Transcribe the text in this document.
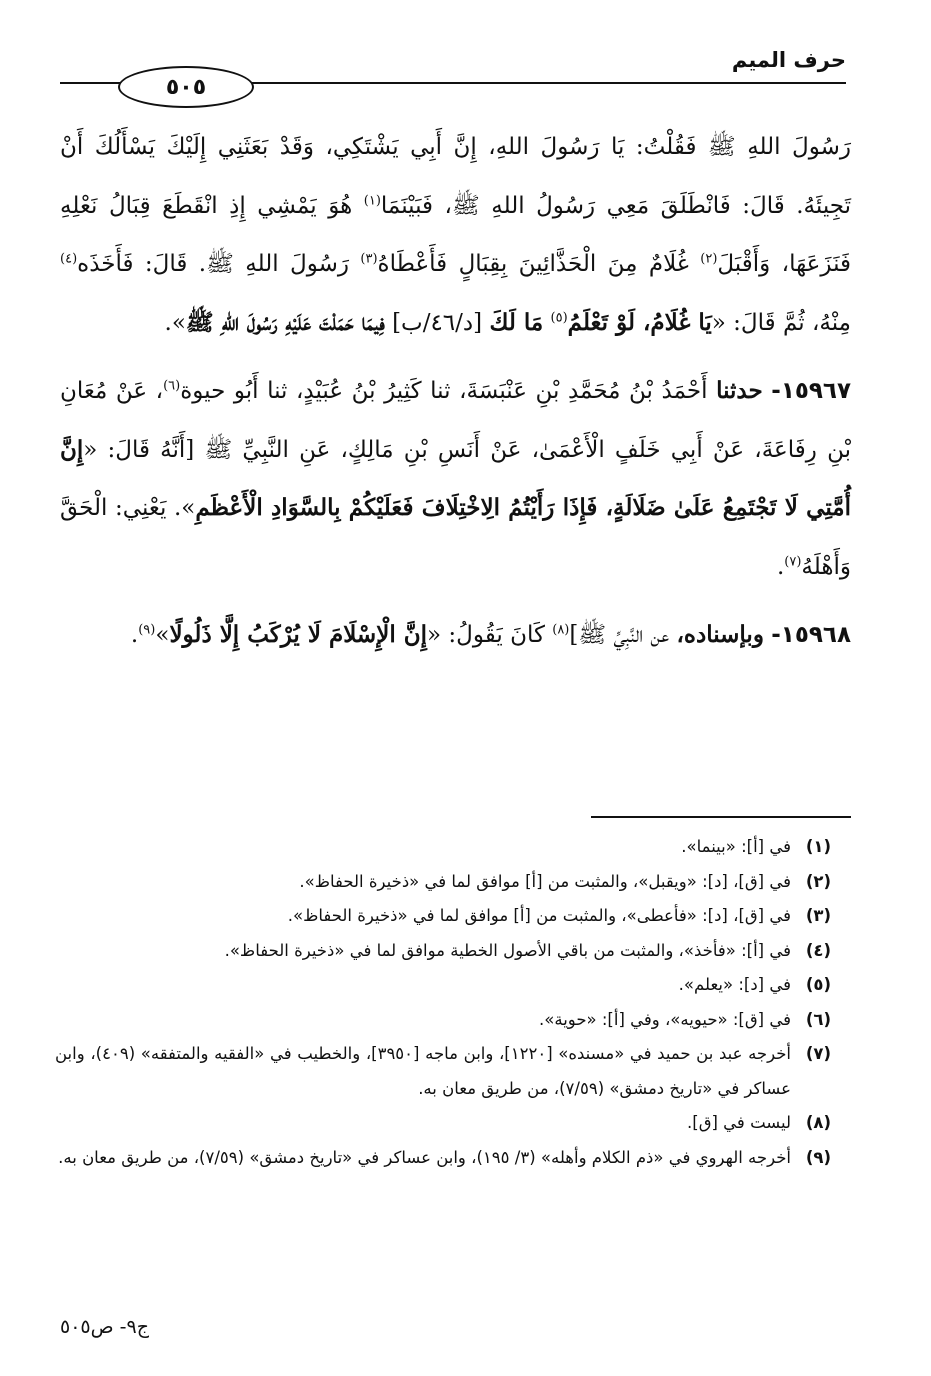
حرف الميم
٥٠٥

رَسُولَ اللهِ ﷺ فَقُلْتُ: يَا رَسُولَ اللهِ، إِنَّ أَبِي يَشْتَكِي، وَقَدْ بَعَثَنِي إِلَيْكَ يَسْأَلُكَ أَنْ تَجِيئَهُ. قَالَ: فَانْطَلَقَ مَعِي رَسُولُ اللهِ ﷺ، فَبَيْنَمَا$^{(١)}$ هُوَ يَمْشِي إِذِ انْقَطَعَ قِبَالُ نَعْلِهِ فَنَزَعَهَا، وَأَقْبَلَ$^{(٢)}$ غُلَامٌ مِنَ الْحَذَّائِينَ بِقِبَالٍ فَأَعْطَاهُ$^{(٣)}$ رَسُولَ اللهِ ﷺ. قَالَ: فَأَخَذَه$^{(٤)}$ مِنْهُ، ثُمَّ قَالَ: «يَا غُلَامُ، لَوْ تَعْلَمُ$^{(٥)}$ مَا لَكَ [د/٤٦/ب] فِيمَا حَمَلْتَ عَلَيْهِ رَسُولَ اللهِ ﷺ».

١٥٩٦٧- حدثنا أَحْمَدُ بْنُ مُحَمَّدِ بْنِ عَنْبَسَةَ، ثنا كَثِيرُ بْنُ عُبَيْدٍ، ثنا أَبُو حيوة$^{(٦)}$، عَنْ مُعَانِ بْنِ رِفَاعَةَ، عَنْ أَبِي خَلَفٍ الْأَعْمَىٰ، عَنْ أَنَسِ بْنِ مَالِكٍ، عَنِ النَّبِيِّ ﷺ [أَنَّهُ قَالَ: «إِنَّ أُمَّتِي لَا تَجْتَمِعُ عَلَىٰ ضَلَالَةٍ، فَإِذَا رَأَيْتُمُ الِاخْتِلَافَ فَعَلَيْكُمْ بِالسَّوَادِ الْأَعْظَمِ». يَعْنِي: الْحَقَّ وَأَهْلَهُ$^{(٧)}$.

١٥٩٦٨- وبإسناده، عن النَّبِيِّ ﷺ]$^{(٨)}$ كَانَ يَقُولُ: «إِنَّ الْإِسْلَامَ لَا يُرْكَبُ إِلَّا ذَلُولًا»$^{(٩)}$.

(١)
في [أ]: «بينما».

(٢)
في [ق]، [د]: «ويقبل»، والمثبت من [أ] موافق لما في «ذخيرة الحفاظ».

(٣)
في [ق]، [د]: «فأعطى»، والمثبت من [أ] موافق لما في «ذخيرة الحفاظ».

(٤)
في [أ]: «فأخذ»، والمثبت من باقي الأصول الخطية موافق لما في «ذخيرة الحفاظ».

(٥)
في [د]: «يعلم».

(٦)
في [ق]: «حيويه»، وفي [أ]: «حوية».

(٧)
أخرجه عبد بن حميد في «مسنده» [١٢٢٠]، وابن ماجه [٣٩٥٠]، والخطيب في «الفقيه والمتفقه» (٤٠٩)، وابن عساكر في «تاريخ دمشق» (٧/٥٩)، من طريق معان به.

(٨)
ليست في [ق].

(٩)
أخرجه الهروي في «ذم الكلام وأهله» (٣/ ١٩٥)، وابن عساكر في «تاريخ دمشق» (٧/٥٩)، من طريق معان به.

ج٩- ص٥٠٥
